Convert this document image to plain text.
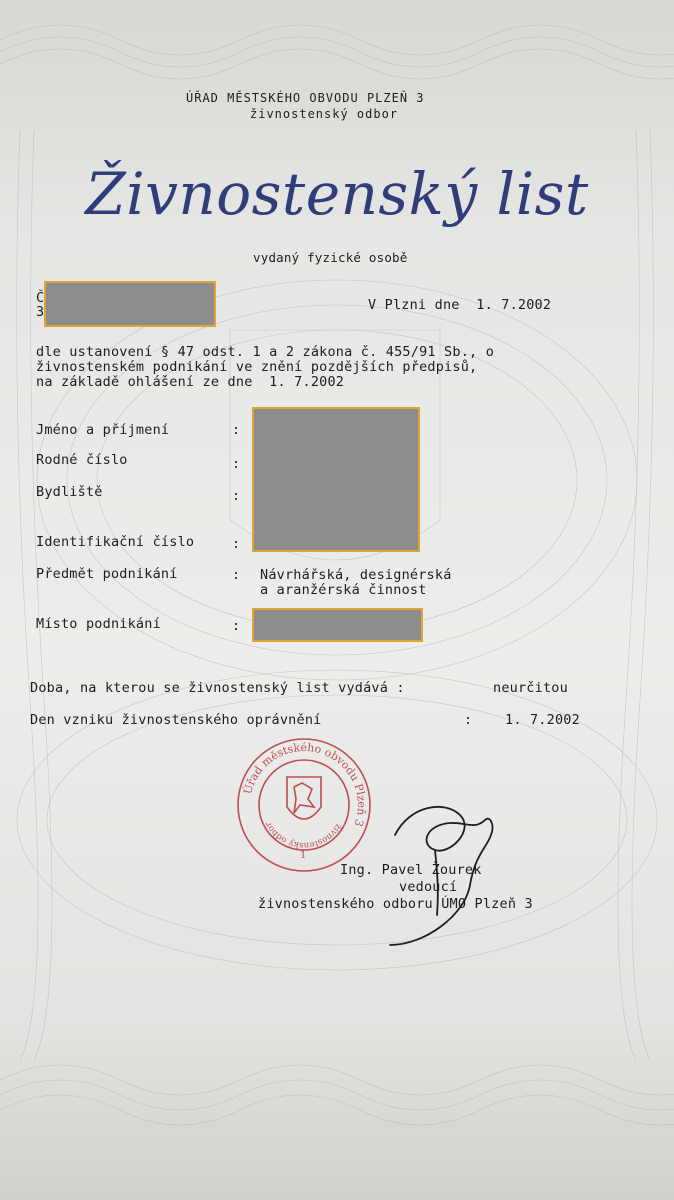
ÚŘAD MĚSTSKÉHO OBVODU PLZEŇ 3
živnostenský odbor
Živnostenský list
vydaný fyzické osobě
Č
3	V Plzni dne  1. 7.2002
dle ustanovení § 47 odst. 1 a 2 zákona č. 455/91 Sb., o
živnostenském podnikání ve znění pozdějších předpisů,
na základě ohlášení ze dne  1. 7.2002
Jméno a příjmení	:
Rodné číslo	:
Bydliště	:
Identifikační číslo	:
Předmět podnikání	: Návrhářská, designérská
a aranžérská činnost
Místo podnikání	:
Doba, na kterou se živnostenský list vydává :	neurčitou
Den vzniku živnostenského oprávnění	: 1. 7.2002
Úřad městského obvodu Plzeň 3
živnostenský odbor
1
Ing. Pavel Žourek
vedoucí
živnostenského odboru ÚMO Plzeň 3
